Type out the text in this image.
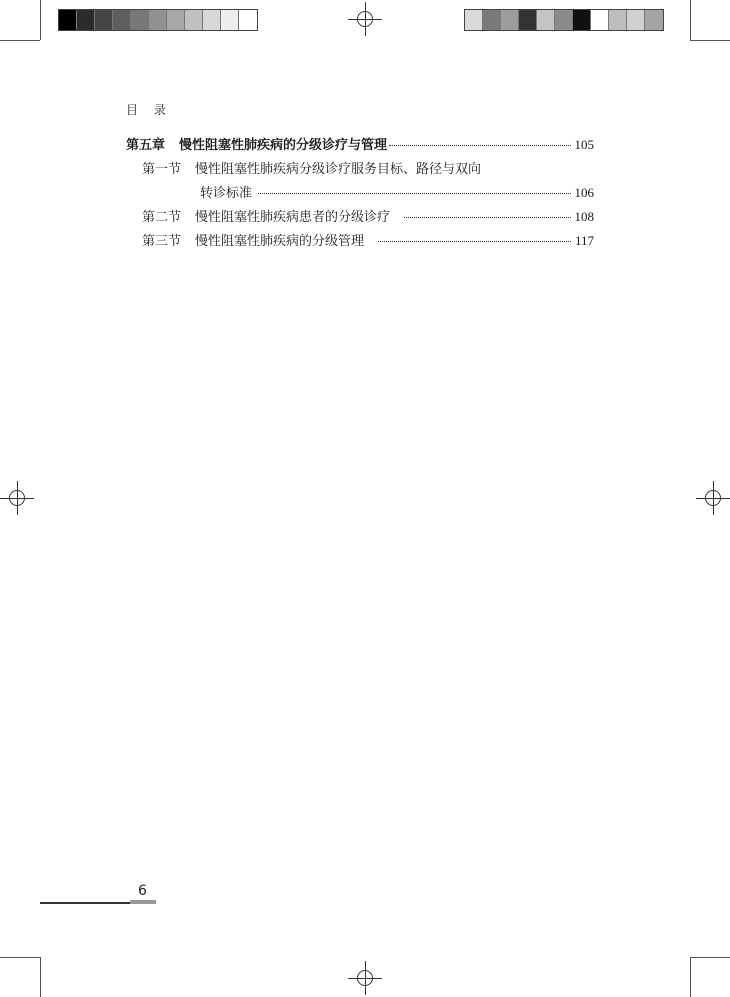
目 录
第五章 慢性阻塞性肺疾病的分级诊疗与管理	105
第一节 慢性阻塞性肺疾病分级诊疗服务目标、路径与双向
转诊标准	106
第二节 慢性阻塞性肺疾病患者的分级诊疗	108
第三节 慢性阻塞性肺疾病的分级管理	117
6
